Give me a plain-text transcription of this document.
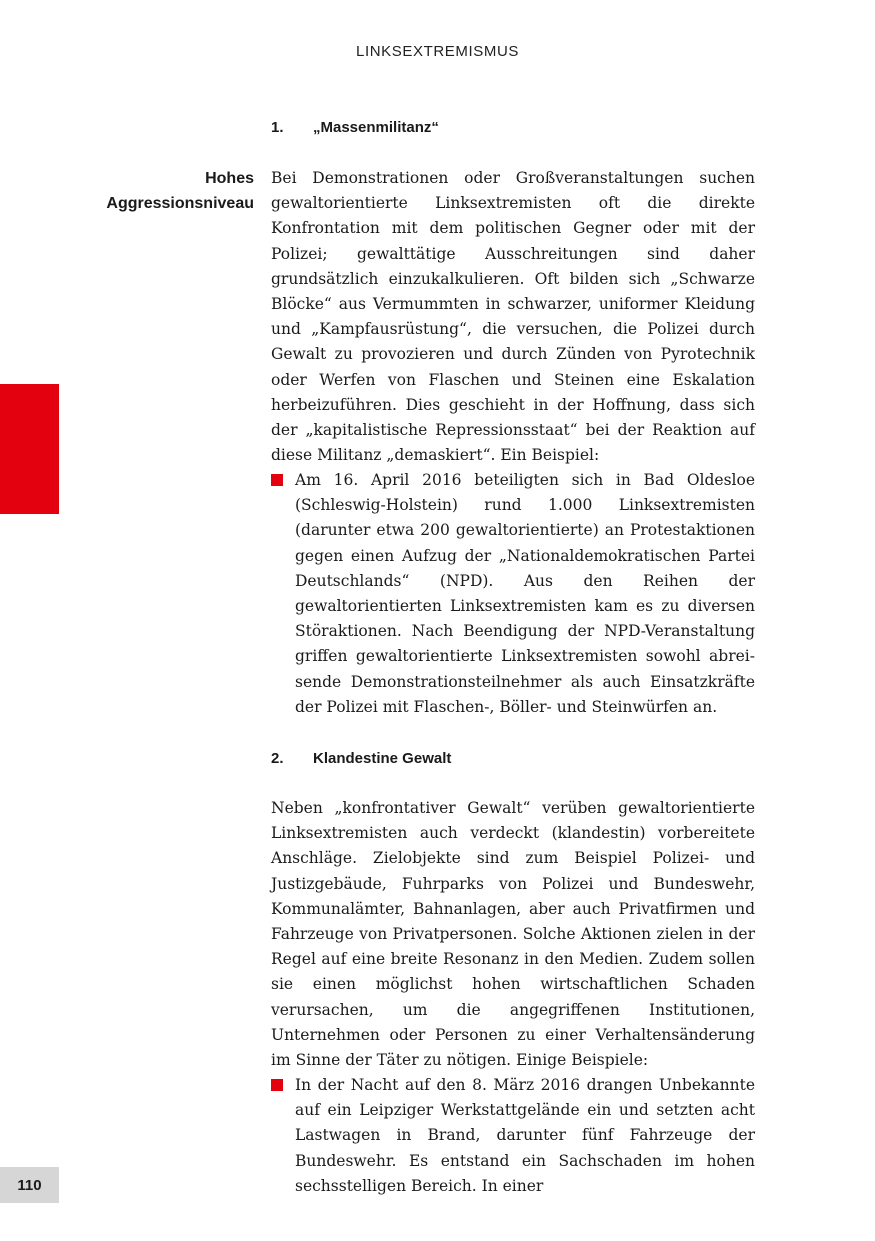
LINKSEXTREMISMUS
1. „Massenmilitanz“
Hohes
Aggressionsniveau

Bei Demonstrationen oder Großveranstaltungen suchen gewaltorientierte Linksextremisten oft die direkte Konfrontation mit dem politischen Gegner oder mit der Polizei; gewalttätige Ausschreitungen sind daher grundsätzlich einzukalkulieren. Oft bilden sich „Schwarze Blöcke“ aus Vermummten in schwarzer, uniformer Kleidung und „Kampfausrüstung“, die versuchen, die Polizei durch Gewalt zu provozieren und durch Zünden von Pyrotechnik oder Werfen von Flaschen und Steinen eine Eskalation herbeizuführen. Dies geschieht in der Hoffnung, dass sich der „kapitalistische Repressionsstaat“ bei der Reaktion auf diese Militanz „demaskiert“. Ein Beispiel:

Am 16. April 2016 beteiligten sich in Bad Oldesloe (Schleswig-Holstein) rund 1.000 Linksextremisten (darunter etwa 200 gewaltorientierte) an Protestaktionen gegen einen Aufzug der „Nationaldemokratischen Partei Deutschlands“ (NPD). Aus den Reihen der gewaltorientierten Linksextremisten kam es zu diversen Störaktionen. Nach Beendigung der NPD-Veranstaltung griffen gewaltorientierte Linksextremisten sowohl abreisende Demonstrationsteilnehmer als auch Einsatzkräfte der Polizei mit Flaschen-, Böller- und Steinwürfen an.

2. Klandestine Gewalt

Neben „konfrontativer Gewalt“ verüben gewaltorientierte Linksextremisten auch verdeckt (klandestin) vorbereitete Anschläge. Zielobjekte sind zum Beispiel Polizei- und Justizgebäude, Fuhrparks von Polizei und Bundeswehr, Kommunalämter, Bahnanlagen, aber auch Privatfirmen und Fahrzeuge von Privatpersonen. Solche Aktionen zielen in der Regel auf eine breite Resonanz in den Medien. Zudem sollen sie einen möglichst hohen wirtschaftlichen Schaden verursachen, um die angegriffenen Institutionen, Unternehmen oder Personen zu einer Verhaltensänderung im Sinne der Täter zu nötigen. Einige Beispiele:

In der Nacht auf den 8. März 2016 drangen Unbekannte auf ein Leipziger Werkstattgelände ein und setzten acht Lastwagen in Brand, darunter fünf Fahrzeuge der Bundeswehr. Es entstand ein Sachschaden im hohen sechsstelligen Bereich. In einer

110
